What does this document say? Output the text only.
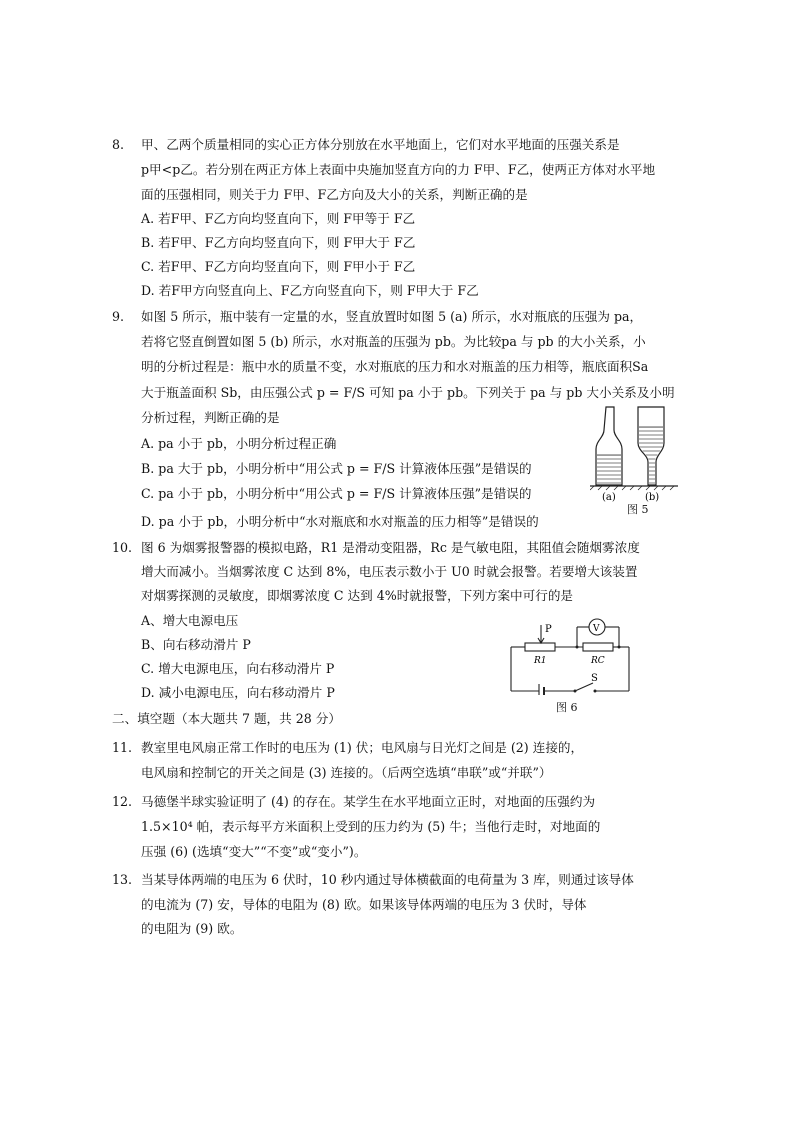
8. 甲、乙两个质量相同的实心正方体分别放在水平地面上，它们对水平地面的压强关系是
p甲<p乙。若分别在两正方体上表面中央施加竖直方向的力 F甲、F乙，使两正方体对水平地
面的压强相同，则关于力 F甲、F乙方向及大小的关系，判断正确的是
A. 若F甲、F乙方向均竖直向下，则 F甲等于 F乙
B. 若F甲、F乙方向均竖直向下，则 F甲大于 F乙
C. 若F甲、F乙方向均竖直向下，则 F甲小于 F乙
D. 若F甲方向竖直向上、F乙方向竖直向下，则 F甲大于 F乙
9. 如图 5 所示，瓶中装有一定量的水，竖直放置时如图 5 (a) 所示，水对瓶底的压强为 pa，
若将它竖直倒置如图 5 (b) 所示，水对瓶盖的压强为 pb。为比较pa 与 pb 的大小关系，小
明的分析过程是：瓶中水的质量不变，水对瓶底的压力和水对瓶盖的压力相等，瓶底面积Sa
大于瓶盖面积 Sb，由压强公式 p = F/S 可知 pa 小于 pb。下列关于 pa 与 pb 大小关系及小明
分析过程，判断正确的是
A. pa 小于 pb，小明分析过程正确
B. pa 大于 pb，小明分析中“用公式 p = F/S 计算液体压强”是错误的
C. pa 小于 pb，小明分析中“用公式 p = F/S 计算液体压强”是错误的
D. pa 小于 pb，小明分析中“水对瓶底和水对瓶盖的压力相等”是错误的
(a)	(b)
图 5
10. 图 6 为烟雾报警器的模拟电路，R1 是滑动变阻器，Rc 是气敏电阻，其阻值会随烟雾浓度
增大而减小。当烟雾浓度 C 达到 8%，电压表示数小于 U0 时就会报警。若要增大该装置
对烟雾探测的灵敏度，即烟雾浓度 C 达到 4%时就报警，下列方案中可行的是
A、增大电源电压
B、向右移动滑片 P
C. 增大电源电压，向右移动滑片 P
D. 减小电源电压，向右移动滑片 P
P	V
R1	RC
S
图 6
二、填空题（本大题共 7 题，共 28 分）
11. 教室里电风扇正常工作时的电压为 (1) 伏；电风扇与日光灯之间是 (2) 连接的，
电风扇和控制它的开关之间是 (3) 连接的。（后两空选填“串联”或“并联”）
12. 马德堡半球实验证明了 (4) 的存在。某学生在水平地面立正时，对地面的压强约为
1.5×10⁴ 帕，表示每平方米面积上受到的压力约为 (5) 牛；当他行走时，对地面的
压强 (6) (选填“变大”“不变”或“变小”)。
13. 当某导体两端的电压为 6 伏时，10 秒内通过导体横截面的电荷量为 3 库，则通过该导体
的电流为 (7) 安，导体的电阻为 (8) 欧。如果该导体两端的电压为 3 伏时，导体
的电阻为 (9) 欧。
